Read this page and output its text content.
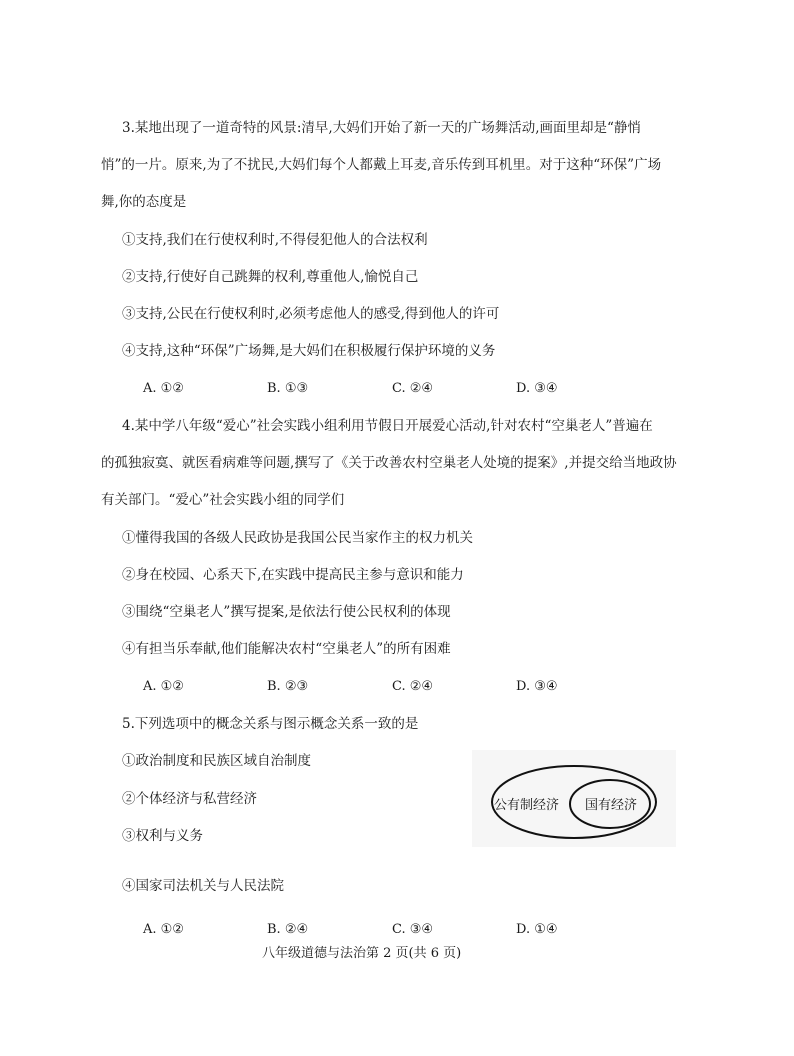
3.某地出现了一道奇特的风景:清早,大妈们开始了新一天的广场舞活动,画面里却是“静悄
悄”的一片。原来,为了不扰民,大妈们每个人都戴上耳麦,音乐传到耳机里。对于这种“环保”广场
舞,你的态度是
①支持,我们在行使权利时,不得侵犯他人的合法权利
②支持,行使好自己跳舞的权利,尊重他人,愉悦自己
③支持,公民在行使权利时,必须考虑他人的感受,得到他人的许可
④支持,这种“环保”广场舞,是大妈们在积极履行保护环境的义务
A. ①②	B. ①③	C. ②④	D. ③④
4.某中学八年级“爱心”社会实践小组利用节假日开展爱心活动,针对农村“空巢老人”普遍在
的孤独寂寞、就医看病难等问题,撰写了《关于改善农村空巢老人处境的提案》,并提交给当地政协
有关部门。“爱心”社会实践小组的同学们
①懂得我国的各级人民政协是我国公民当家作主的权力机关
②身在校园、心系天下,在实践中提高民主参与意识和能力
③围绕“空巢老人”撰写提案,是依法行使公民权利的体现
④有担当乐奉献,他们能解决农村“空巢老人”的所有困难
A. ①②	B. ②③	C. ②④	D. ③④
5.下列选项中的概念关系与图示概念关系一致的是
①政治制度和民族区域自治制度
②个体经济与私营经济
③权利与义务
④国家司法机关与人民法院
公有制经济 国有经济
A. ①②	B. ②④	C. ③④	D. ①④
八年级道德与法治第 2 页(共 6 页)
